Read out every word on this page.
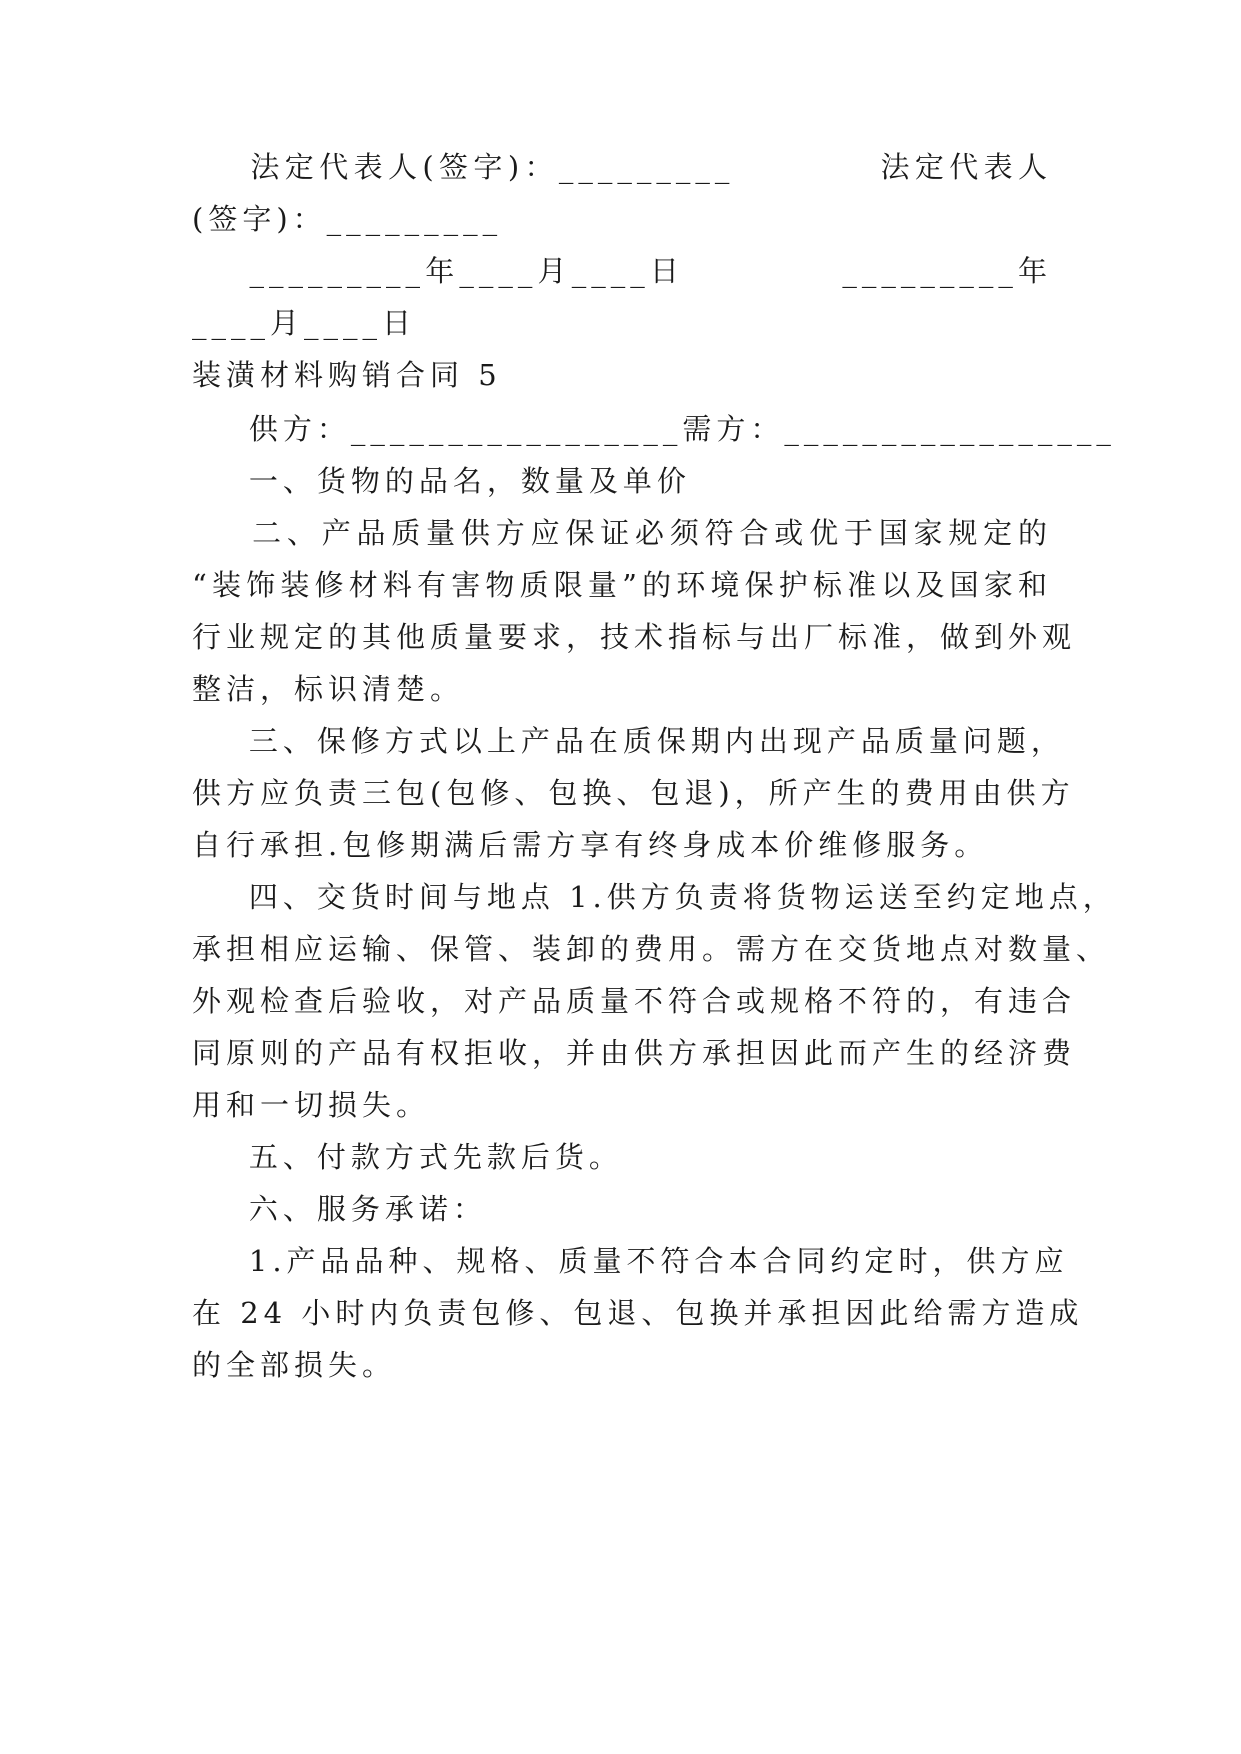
法定代表人(签字)：_________          法定代表人
(签字)：_________
_________年____月____日           _________年
____月____日
装潢材料购销合同 5
供方：_________________需方：_________________
一、货物的品名，数量及单价
二、产品质量供方应保证必须符合或优于国家规定的
“装饰装修材料有害物质限量”的环境保护标准以及国家和
行业规定的其他质量要求，技术指标与出厂标准，做到外观
整洁，标识清楚。
三、保修方式以上产品在质保期内出现产品质量问题，
供方应负责三包(包修、包换、包退)，所产生的费用由供方
自行承担.包修期满后需方享有终身成本价维修服务。
四、交货时间与地点 1.供方负责将货物运送至约定地点，
承担相应运输、保管、装卸的费用。需方在交货地点对数量、
外观检查后验收，对产品质量不符合或规格不符的，有违合
同原则的产品有权拒收，并由供方承担因此而产生的经济费
用和一切损失。
五、付款方式先款后货。
六、服务承诺：
1.产品品种、规格、质量不符合本合同约定时，供方应
在 24 小时内负责包修、包退、包换并承担因此给需方造成
的全部损失。
